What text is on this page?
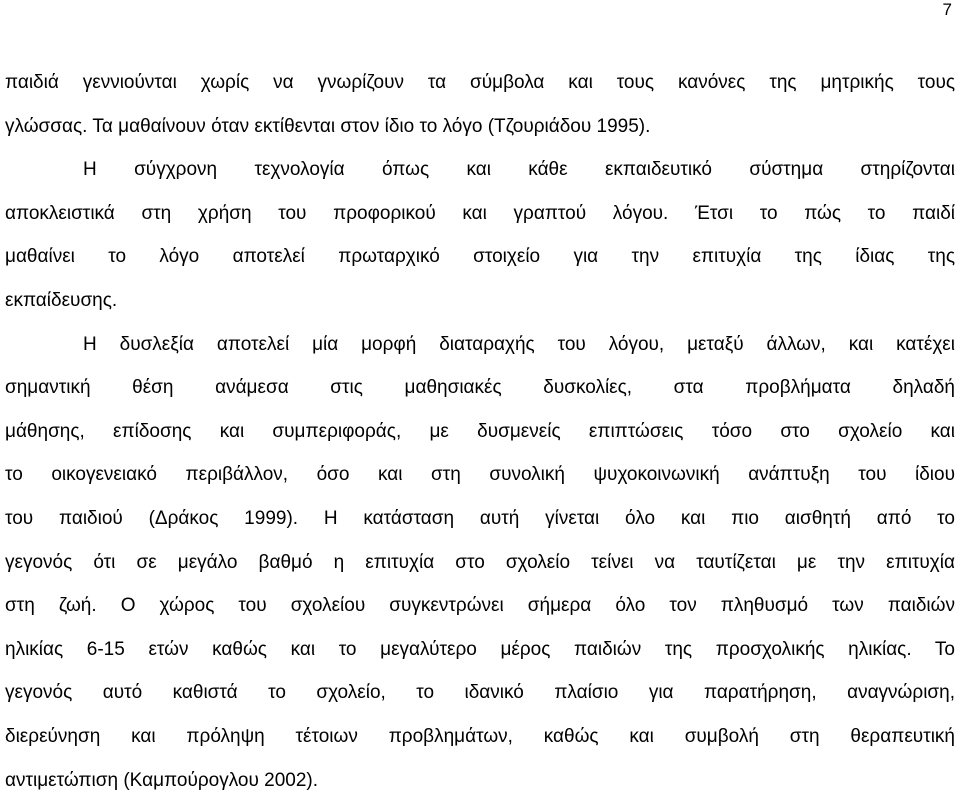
7
παιδιά γεννιούνται χωρίς να γνωρίζουν τα σύμβολα και τους κανόνες της μητρικής τους
γλώσσας. Τα μαθαίνουν όταν εκτίθενται στον ίδιο το λόγο (Τζουριάδου 1995).
Η σύγχρονη τεχνολογία όπως και κάθε εκπαιδευτικό σύστημα στηρίζονται
αποκλειστικά στη χρήση του προφορικού και γραπτού λόγου. Έτσι το πώς το παιδί
μαθαίνει το λόγο αποτελεί πρωταρχικό στοιχείο για την επιτυχία της ίδιας της
εκπαίδευσης.
Η δυσλεξία αποτελεί μία μορφή διαταραχής του λόγου, μεταξύ άλλων, και κατέχει
σημαντική θέση ανάμεσα στις μαθησιακές δυσκολίες, στα προβλήματα δηλαδή
μάθησης, επίδοσης και συμπεριφοράς, με δυσμενείς επιπτώσεις τόσο στο σχολείο και
το οικογενειακό περιβάλλον, όσο και στη συνολική ψυχοκοινωνική ανάπτυξη του ίδιου
του παιδιού (Δράκος 1999). Η κατάσταση αυτή γίνεται όλο και πιο αισθητή από το
γεγονός ότι σε μεγάλο βαθμό η επιτυχία στο σχολείο τείνει να ταυτίζεται με την επιτυχία
στη ζωή. Ο χώρος του σχολείου συγκεντρώνει σήμερα όλο τον πληθυσμό των παιδιών
ηλικίας 6-15 ετών καθώς και το μεγαλύτερο μέρος παιδιών της προσχολικής ηλικίας. Το
γεγονός αυτό καθιστά το σχολείο, το ιδανικό πλαίσιο για παρατήρηση, αναγνώριση,
διερεύνηση και πρόληψη τέτοιων προβλημάτων, καθώς και συμβολή στη θεραπευτική
αντιμετώπιση (Καμπούρογλου 2002).
